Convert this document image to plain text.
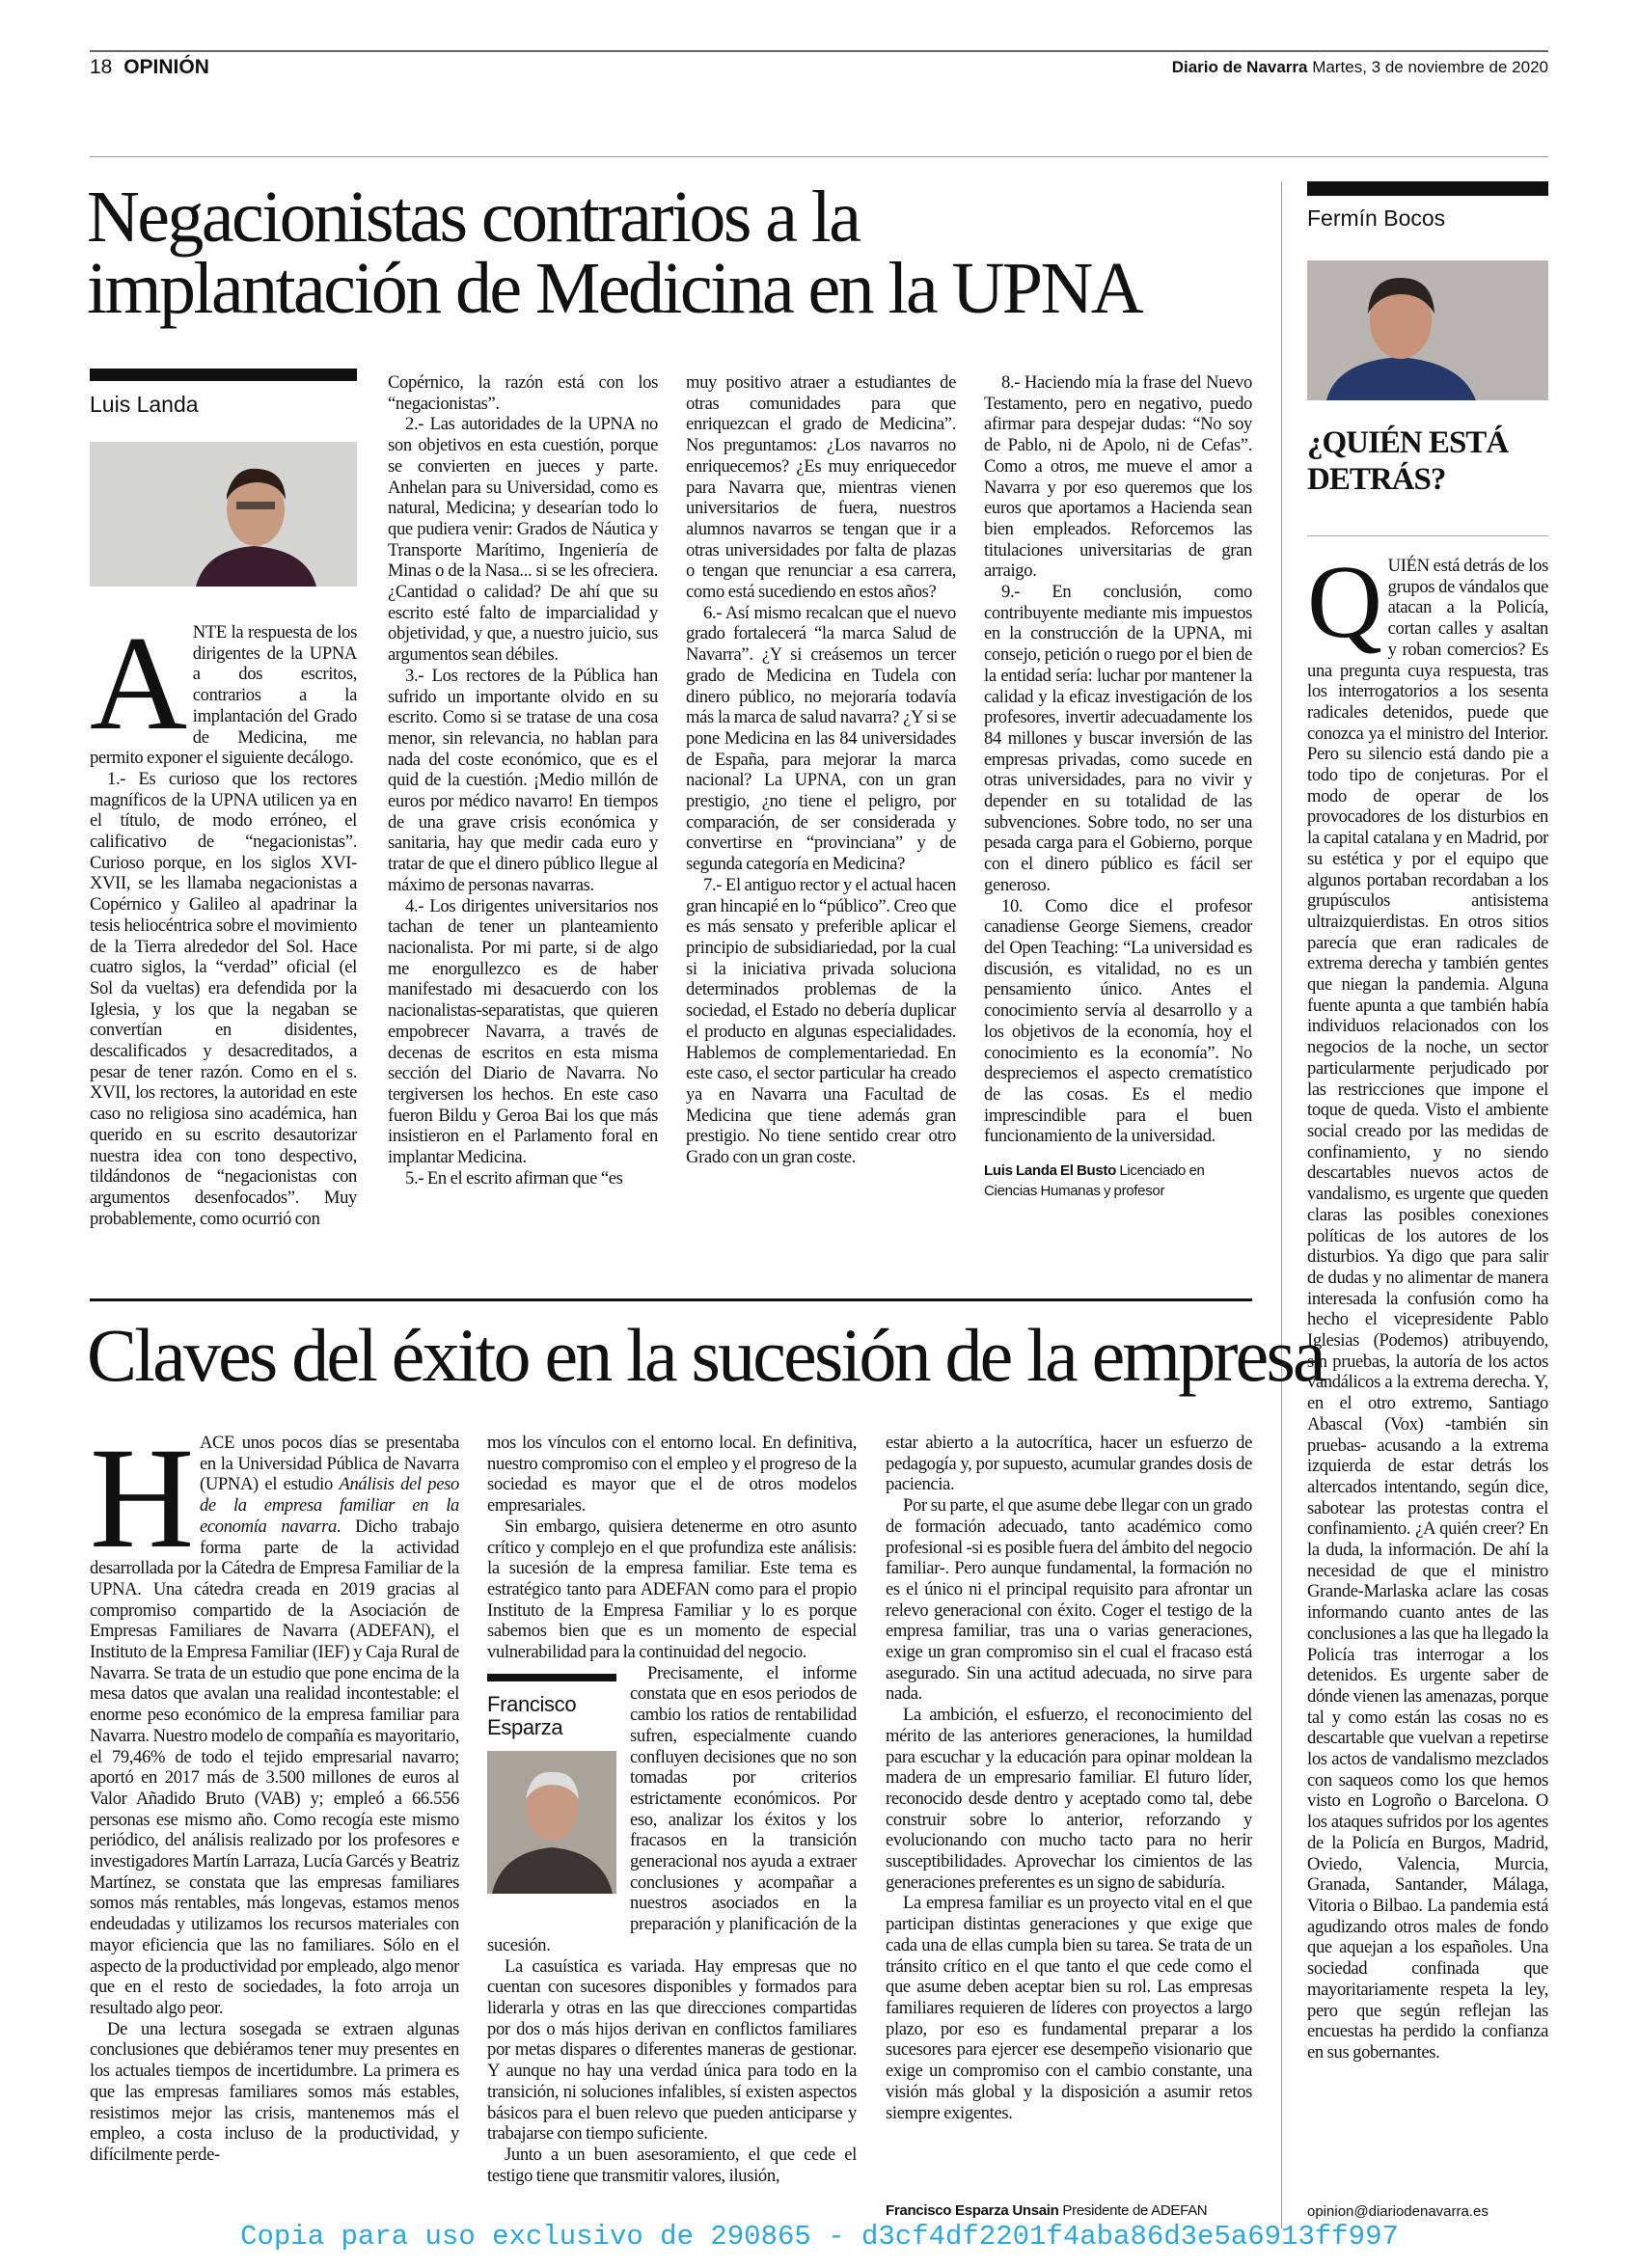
18 OPINIÓN	Diario de Navarra Martes, 3 de noviembre de 2020
Negacionistas contrarios a la
implantación de Medicina en la UPNA
Luis Landa
A NTE la respuesta de los dirigentes de la UPNA a dos escritos, contrarios a la implantación del Grado de Medicina, me permito exponer el siguiente decálogo.

1.- Es curioso que los rectores magníficos de la UPNA utilicen ya en el título, de modo erróneo, el calificativo de “negacionistas”. Curioso porque, en los siglos XVI-XVII, se les llamaba negacionistas a Copérnico y Galileo al apadrinar la tesis heliocéntrica sobre el movimiento de la Tierra alrededor del Sol. Hace cuatro siglos, la “verdad” oficial (el Sol da vueltas) era defendida por la Iglesia, y los que la negaban se convertían en disidentes, descalificados y desacreditados, a pesar de tener razón. Como en el s. XVII, los rectores, la autoridad en este caso no religiosa sino académica, han querido en su escrito desautorizar nuestra idea con tono despectivo, tildándonos de “negacionistas con argumentos desenfocados”. Muy probablemente, como ocurrió con

Copérnico, la razón está con los “negacionistas”.

2.- Las autoridades de la UPNA no son objetivos en esta cuestión, porque se convierten en jueces y parte. Anhelan para su Universidad, como es natural, Medicina; y desearían todo lo que pudiera venir: Grados de Náutica y Transporte Marítimo, Ingeniería de Minas o de la Nasa... si se les ofreciera. ¿Cantidad o calidad? De ahí que su escrito esté falto de imparcialidad y objetividad, y que, a nuestro juicio, sus argumentos sean débiles.

3.- Los rectores de la Pública han sufrido un importante olvido en su escrito. Como si se tratase de una cosa menor, sin relevancia, no hablan para nada del coste económico, que es el quid de la cuestión. ¡Medio millón de euros por médico navarro! En tiempos de una grave crisis económica y sanitaria, hay que medir cada euro y tratar de que el dinero público llegue al máximo de personas navarras.

4.- Los dirigentes universitarios nos tachan de tener un planteamiento nacionalista. Por mi parte, si de algo me enorgullezco es de haber manifestado mi desacuerdo con los nacionalistas-separatistas, que quieren empobrecer Navarra, a través de decenas de escritos en esta misma sección del Diario de Navarra. No tergiversen los hechos. En este caso fueron Bildu y Geroa Bai los que más insistieron en el Parlamento foral en implantar Medicina.

5.- En el escrito afirman que “es

muy positivo atraer a estudiantes de otras comunidades para que enriquezcan el grado de Medicina”. Nos preguntamos: ¿Los navarros no enriquecemos? ¿Es muy enriquecedor para Navarra que, mientras vienen universitarios de fuera, nuestros alumnos navarros se tengan que ir a otras universidades por falta de plazas o tengan que renunciar a esa carrera, como está sucediendo en estos años?

6.- Así mismo recalcan que el nuevo grado fortalecerá “la marca Salud de Navarra”. ¿Y si creásemos un tercer grado de Medicina en Tudela con dinero público, no mejoraría todavía más la marca de salud navarra? ¿Y si se pone Medicina en las 84 universidades de España, para mejorar la marca nacional? La UPNA, con un gran prestigio, ¿no tiene el peligro, por comparación, de ser considerada y convertirse en “provinciana” y de segunda categoría en Medicina?

7.- El antiguo rector y el actual hacen gran hincapié en lo “público”. Creo que es más sensato y preferible aplicar el principio de subsidiariedad, por la cual si la iniciativa privada soluciona determinados problemas de la sociedad, el Estado no debería duplicar el producto en algunas especialidades. Hablemos de complementariedad. En este caso, el sector particular ha creado ya en Navarra una Facultad de Medicina que tiene además gran prestigio. No tiene sentido crear otro Grado con un gran coste.

8.- Haciendo mía la frase del Nuevo Testamento, pero en negativo, puedo afirmar para despejar dudas: “No soy de Pablo, ni de Apolo, ni de Cefas”. Como a otros, me mueve el amor a Navarra y por eso queremos que los euros que aportamos a Hacienda sean bien empleados. Reforcemos las titulaciones universitarias de gran arraigo.

9.- En conclusión, como contribuyente mediante mis impuestos en la construcción de la UPNA, mi consejo, petición o ruego por el bien de la entidad sería: luchar por mantener la calidad y la eficaz investigación de los profesores, invertir adecuadamente los 84 millones y buscar inversión de las empresas privadas, como sucede en otras universidades, para no vivir y depender en su totalidad de las subvenciones. Sobre todo, no ser una pesada carga para el Gobierno, porque con el dinero público es fácil ser generoso.

10. Como dice el profesor canadiense George Siemens, creador del Open Teaching: “La universidad es discusión, es vitalidad, no es un pensamiento único. Antes el conocimiento servía al desarrollo y a los objetivos de la economía, hoy el conocimiento es la economía”. No despreciemos el aspecto crematístico de las cosas. Es el medio imprescindible para el buen funcionamiento de la universidad.

Luis Landa El Busto Licenciado en Ciencias Humanas y profesor
Fermín Bocos
¿QUIÉN ESTÁ DETRÁS?
Q UIÉN está detrás de los grupos de vándalos que atacan a la Policía, cortan calles y asaltan y roban comercios? Es una pregunta cuya respuesta, tras los interrogatorios a los sesenta radicales detenidos, puede que conozca ya el ministro del Interior. Pero su silencio está dando pie a todo tipo de conjeturas. Por el modo de operar de los provocadores de los disturbios en la capital catalana y en Madrid, por su estética y por el equipo que algunos portaban recordaban a los grupúsculos antisistema ultraizquierdistas. En otros sitios parecía que eran radicales de extrema derecha y también gentes que niegan la pandemia. Alguna fuente apunta a que también había individuos relacionados con los negocios de la noche, un sector particularmente perjudicado por las restricciones que impone el toque de queda. Visto el ambiente social creado por las medidas de confinamiento, y no siendo descartables nuevos actos de vandalismo, es urgente que queden claras las posibles conexiones políticas de los autores de los disturbios. Ya digo que para salir de dudas y no alimentar de manera interesada la confusión como ha hecho el vicepresidente Pablo Iglesias (Podemos) atribuyendo, sin pruebas, la autoría de los actos vandálicos a la extrema derecha. Y, en el otro extremo, Santiago Abascal (Vox) -también sin pruebas- acusando a la extrema izquierda de estar detrás los altercados intentando, según dice, sabotear las protestas contra el confinamiento. ¿A quién creer? En la duda, la información. De ahí la necesidad de que el ministro Grande-Marlaska aclare las cosas informando cuanto antes de las conclusiones a las que ha llegado la Policía tras interrogar a los detenidos. Es urgente saber de dónde vienen las amenazas, porque tal y como están las cosas no es descartable que vuelvan a repetirse los actos de vandalismo mezclados con saqueos como los que hemos visto en Logroño o Barcelona. O los ataques sufridos por los agentes de la Policía en Burgos, Madrid, Oviedo, Valencia, Murcia, Granada, Santander, Málaga, Vitoria o Bilbao. La pandemia está agudizando otros males de fondo que aquejan a los españoles. Una sociedad confinada que mayoritariamente respeta la ley, pero que según reflejan las encuestas ha perdido la confianza en sus gobernantes.

opinion@diariodenavarra.es
Claves del éxito en la sucesión de la empresa
H ACE unos pocos días se presentaba en la Universidad Pública de Navarra (UPNA) el estudio Análisis del peso de la empresa familiar en la economía navarra. Dicho trabajo forma parte de la actividad desarrollada por la Cátedra de Empresa Familiar de la UPNA. Una cátedra creada en 2019 gracias al compromiso compartido de la Asociación de Empresas Familiares de Navarra (ADEFAN), el Instituto de la Empresa Familiar (IEF) y Caja Rural de Navarra. Se trata de un estudio que pone encima de la mesa datos que avalan una realidad incontestable: el enorme peso económico de la empresa familiar para Navarra. Nuestro modelo de compañía es mayoritario, el 79,46% de todo el tejido empresarial navarro; aportó en 2017 más de 3.500 millones de euros al Valor Añadido Bruto (VAB) y; empleó a 66.556 personas ese mismo año. Como recogía este mismo periódico, del análisis realizado por los profesores e investigadores Martín Larraza, Lucía Garcés y Beatriz Martínez, se constata que las empresas familiares somos más rentables, más longevas, estamos menos endeudadas y utilizamos los recursos materiales con mayor eficiencia que las no familiares. Sólo en el aspecto de la productividad por empleado, algo menor que en el resto de sociedades, la foto arroja un resultado algo peor.

De una lectura sosegada se extraen algunas conclusiones que debiéramos tener muy presentes en los actuales tiempos de incertidumbre. La primera es que las empresas familiares somos más estables, resistimos mejor las crisis, mantenemos más el empleo, a costa incluso de la productividad, y difícilmente perde-

Francisco Esparza

mos los vínculos con el entorno local. En definitiva, nuestro compromiso con el empleo y el progreso de la sociedad es mayor que el de otros modelos empresariales.

Sin embargo, quisiera detenerme en otro asunto crítico y complejo en el que profundiza este análisis: la sucesión de la empresa familiar. Este tema es estratégico tanto para ADEFAN como para el propio Instituto de la Empresa Familiar y lo es porque sabemos bien que es un momento de especial vulnerabilidad para la continuidad del negocio.

Precisamente, el informe constata que en esos periodos de cambio los ratios de rentabilidad sufren, especialmente cuando confluyen decisiones que no son tomadas por criterios estrictamente económicos. Por eso, analizar los éxitos y los fracasos en la transición generacional nos ayuda a extraer conclusiones y acompañar a nuestros asociados en la preparación y planificación de la sucesión.

La casuística es variada. Hay empresas que no cuentan con sucesores disponibles y formados para liderarla y otras en las que direcciones compartidas por dos o más hijos derivan en conflictos familiares por metas dispares o diferentes maneras de gestionar. Y aunque no hay una verdad única para todo en la transición, ni soluciones infalibles, sí existen aspectos básicos para el buen relevo que pueden anticiparse y trabajarse con tiempo suficiente.

Junto a un buen asesoramiento, el que cede el testigo tiene que transmitir valores, ilusión,

estar abierto a la autocrítica, hacer un esfuerzo de pedagogía y, por supuesto, acumular grandes dosis de paciencia.

Por su parte, el que asume debe llegar con un grado de formación adecuado, tanto académico como profesional -si es posible fuera del ámbito del negocio familiar-. Pero aunque fundamental, la formación no es el único ni el principal requisito para afrontar un relevo generacional con éxito. Coger el testigo de la empresa familiar, tras una o varias generaciones, exige un gran compromiso sin el cual el fracaso está asegurado. Sin una actitud adecuada, no sirve para nada.

La ambición, el esfuerzo, el reconocimiento del mérito de las anteriores generaciones, la humildad para escuchar y la educación para opinar moldean la madera de un empresario familiar. El futuro líder, reconocido desde dentro y aceptado como tal, debe construir sobre lo anterior, reforzando y evolucionando con mucho tacto para no herir susceptibilidades. Aprovechar los cimientos de las generaciones preferentes es un signo de sabiduría.

La empresa familiar es un proyecto vital en el que participan distintas generaciones y que exige que cada una de ellas cumpla bien su tarea. Se trata de un tránsito crítico en el que tanto el que cede como el que asume deben aceptar bien su rol. Las empresas familiares requieren de líderes con proyectos a largo plazo, por eso es fundamental preparar a los sucesores para ejercer ese desempeño visionario que exige un compromiso con el cambio constante, una visión más global y la disposición a asumir retos siempre exigentes.

Francisco Esparza Unsain Presidente de ADEFAN
Copia para uso exclusivo de 290865 - d3cf4df2201f4aba86d3e5a6913ff997
